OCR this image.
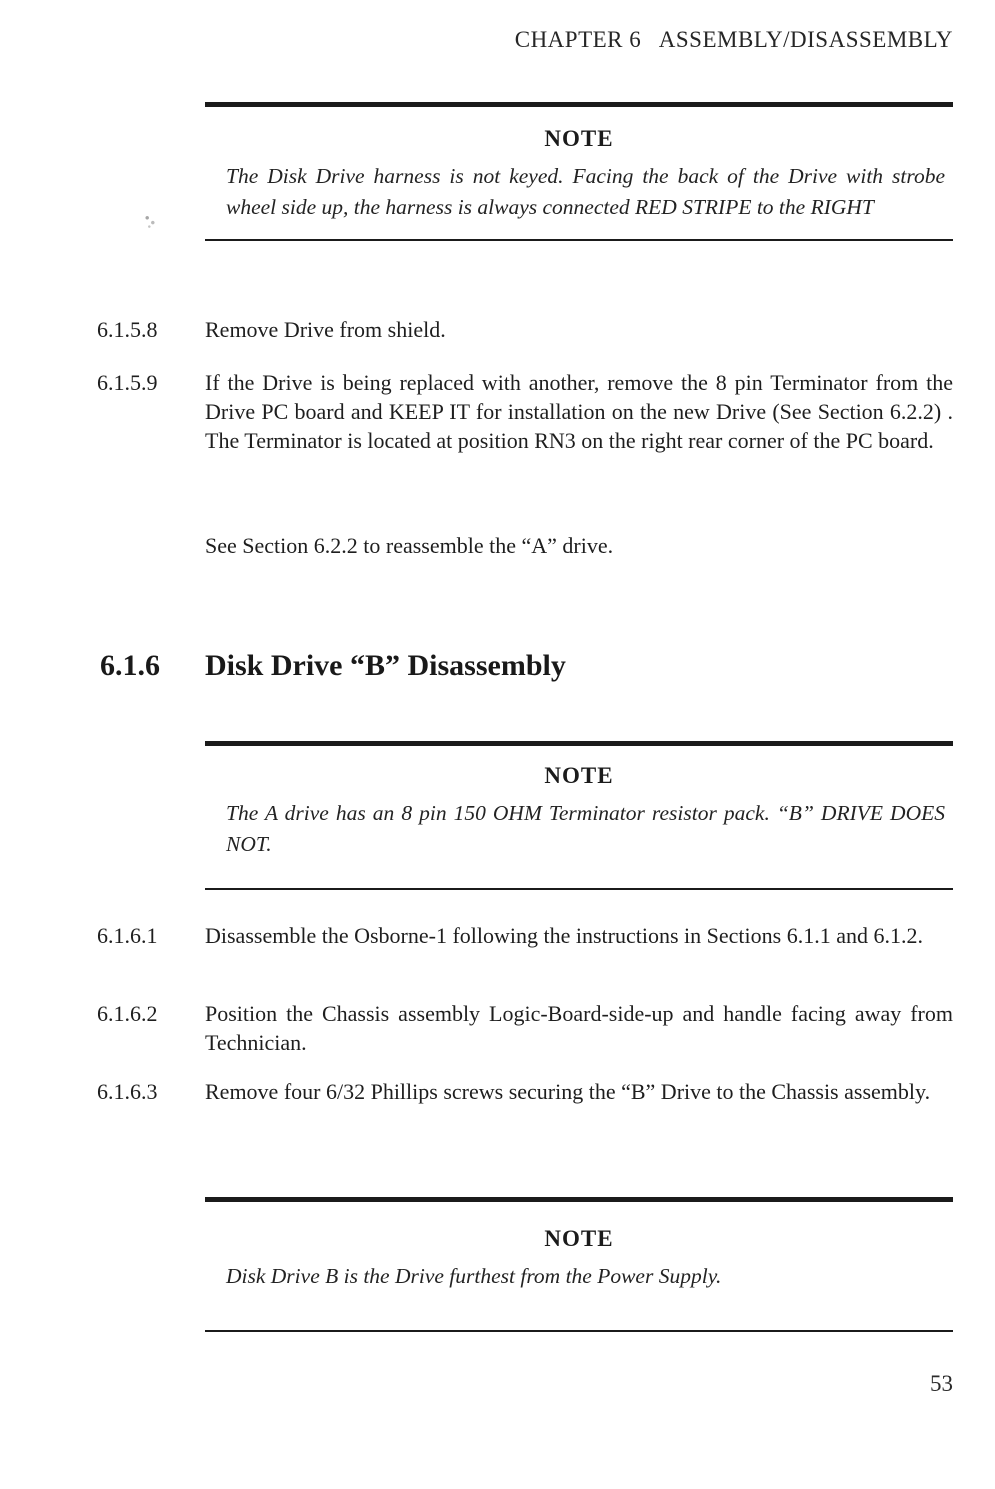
CHAPTER 6   ASSEMBLY/DISASSEMBLY
NOTE

The Disk Drive harness is not keyed. Facing the back of the Drive with strobe wheel side up, the harness is always connected RED STRIPE to the RIGHT

6.1.5.8	Remove Drive from shield.

6.1.5.9	If the Drive is being replaced with another, remove the 8 pin Terminator from the Drive PC board and KEEP IT for installation on the new Drive (See Section 6.2.2) . The Terminator is located at position RN3 on the right rear corner of the PC board.

See Section 6.2.2 to reassemble the “A” drive.

6.1.6	Disk Drive “B” Disassembly
NOTE

The A drive has an 8 pin 150 OHM Terminator resistor pack. “B” DRIVE DOES NOT.

6.1.6.1	Disassemble the Osborne-1 following the instructions in Sections 6.1.1 and 6.1.2.

6.1.6.2	Position the Chassis assembly Logic-Board-side-up and handle facing away from Technician.

6.1.6.3	Remove four 6/32 Phillips screws securing the “B” Drive to the Chassis assembly.

NOTE

Disk Drive B is the Drive furthest from the Power Supply.

53
